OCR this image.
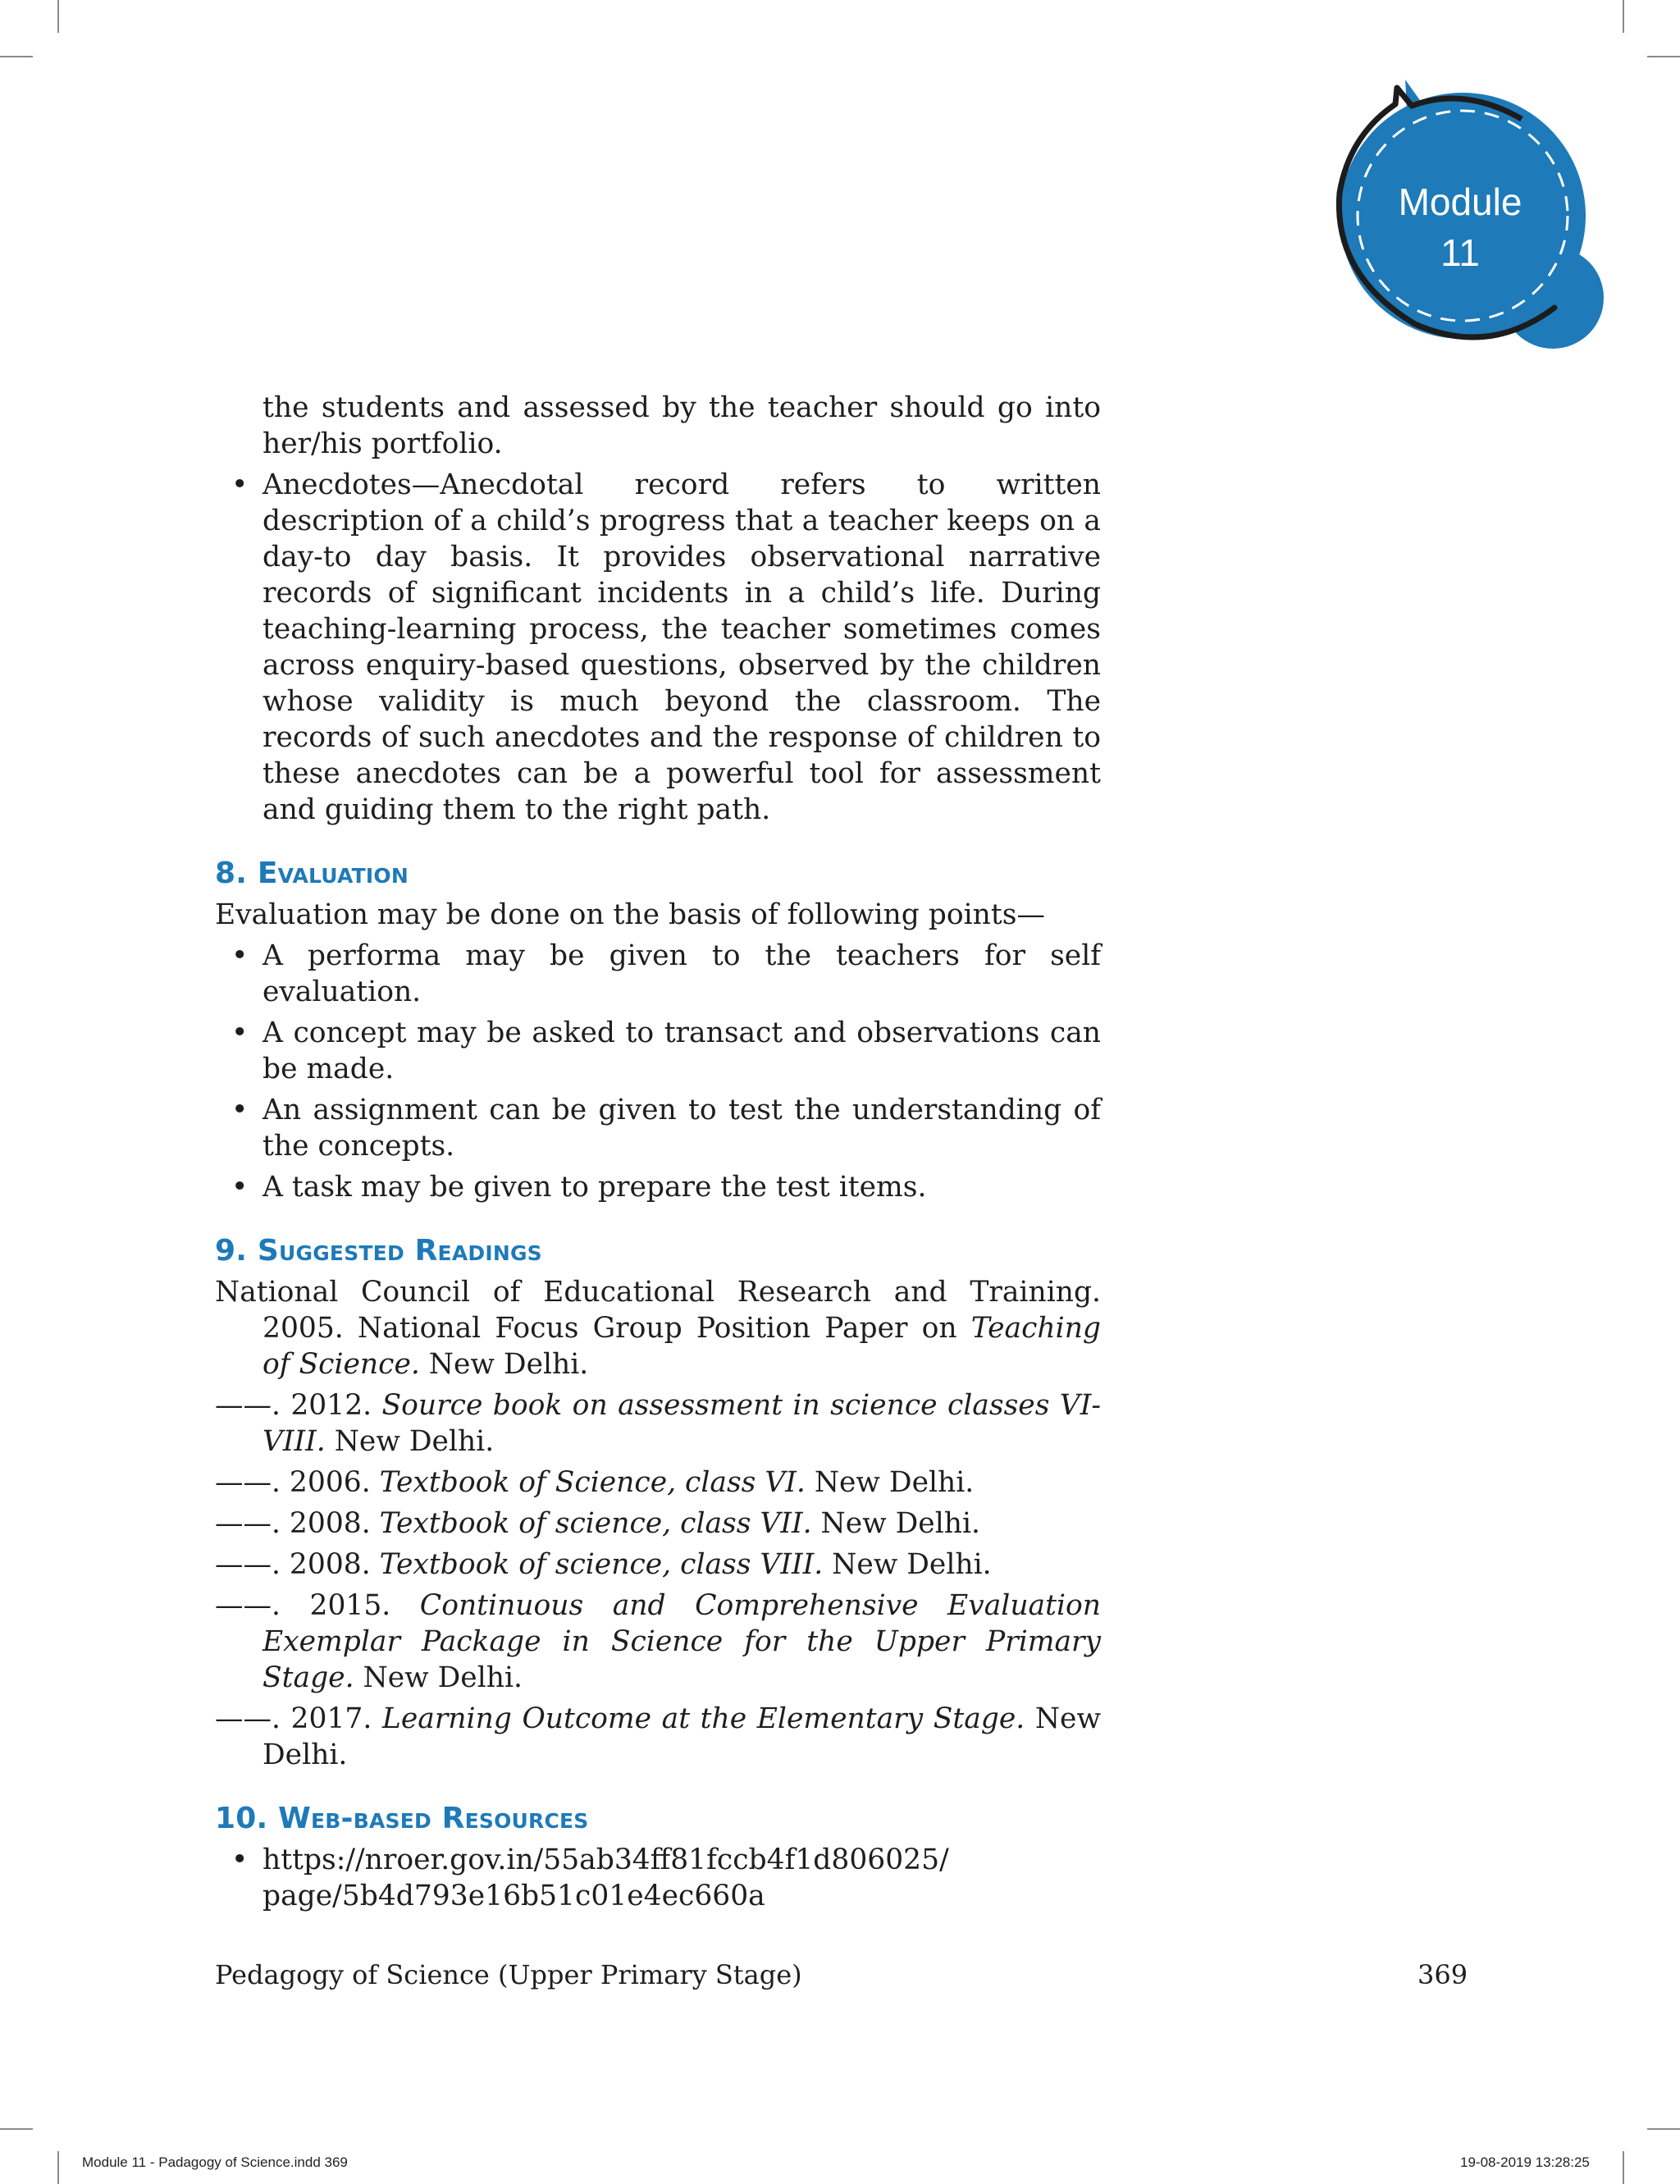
Module
11

the students and assessed by the teacher should go into her/his portfolio.

• Anecdotes—Anecdotal record refers to written description of a child’s progress that a teacher keeps on a day-to day basis. It provides observational narrative records of significant incidents in a child’s life. During teaching-learning process, the teacher sometimes comes across enquiry-based questions, observed by the children whose validity is much beyond the classroom. The records of such anecdotes and the response of children to these anecdotes can be a powerful tool for assessment and guiding them to the right path.
8. Evaluation

Evaluation may be done on the basis of following points—

• A performa may be given to the teachers for self evaluation.
• A concept may be asked to transact and observations can be made.
• An assignment can be given to test the understanding of the concepts.
• A task may be given to prepare the test items.
9. Suggested Readings

National Council of Educational Research and Training. 2005. National Focus Group Position Paper on Teaching of Science. New Delhi.

——. 2012. Source book on assessment in science classes VI-VIII. New Delhi.

——. 2006. Textbook of Science, class VI. New Delhi.

——. 2008. Textbook of science, class VII. New Delhi.

——. 2008. Textbook of science, class VIII. New Delhi.

——. 2015. Continuous and Comprehensive Evaluation Exemplar Package in Science for the Upper Primary Stage. New Delhi.

——. 2017. Learning Outcome at the Elementary Stage. New Delhi.

10. Web-based Resources
• https://nroer.gov.in/55ab34ff81fccb4f1d806025/
page/5b4d793e16b51c01e4ec660a
Pedagogy of Science (Upper Primary Stage)	369
Module 11 - Padagogy of Science.indd 369	19-08-2019 13:28:25
